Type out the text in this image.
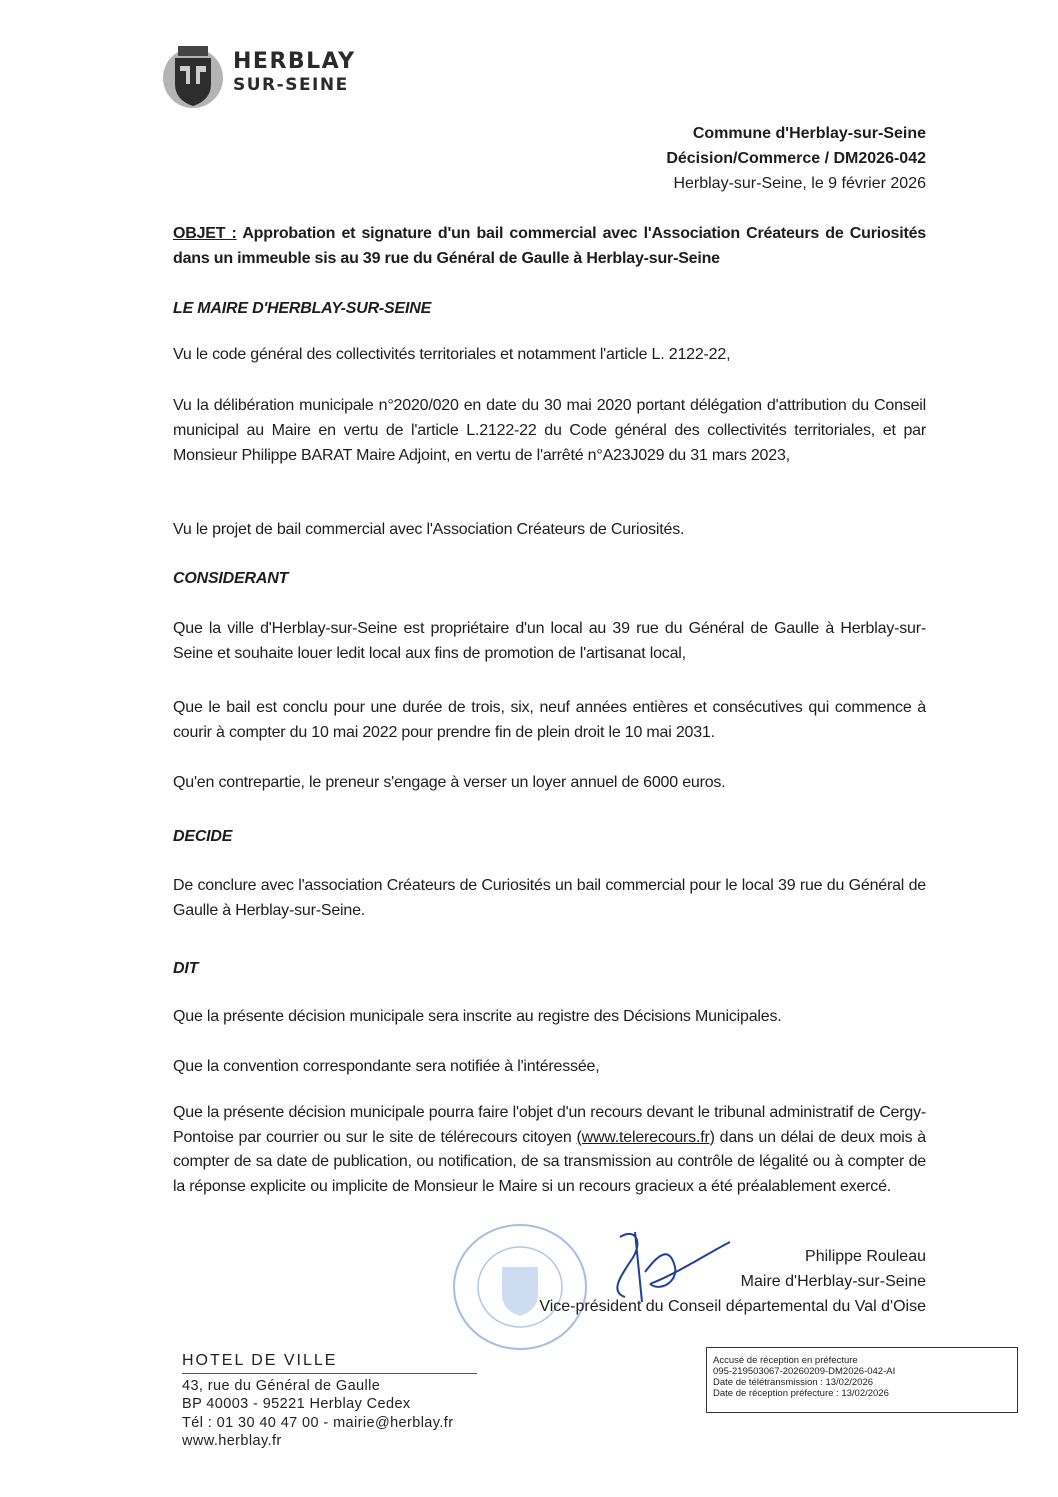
HERBLAY
SUR-SEINE
Commune d'Herblay-sur-Seine
Décision/Commerce / DM2026-042
Herblay-sur-Seine, le 9 février 2026
OBJET : Approbation et signature d'un bail commercial avec l'Association Créateurs de Curiosités dans un immeuble sis au 39 rue du Général de Gaulle à Herblay-sur-Seine
LE MAIRE D'HERBLAY-SUR-SEINE
Vu le code général des collectivités territoriales et notamment l'article L. 2122-22,
Vu la délibération municipale n°2020/020 en date du 30 mai 2020 portant délégation d'attribution du Conseil municipal au Maire en vertu de l'article L.2122-22 du Code général des collectivités territoriales, et par Monsieur Philippe BARAT Maire Adjoint, en vertu de l'arrêté n°A23J029 du 31 mars 2023,
Vu le projet de bail commercial avec l'Association Créateurs de Curiosités.
CONSIDERANT
Que la ville d'Herblay-sur-Seine est propriétaire d'un local au 39 rue du Général de Gaulle à Herblay-sur-Seine et souhaite louer ledit local aux fins de promotion de l'artisanat local,
Que le bail est conclu pour une durée de trois, six, neuf années entières et consécutives qui commence à courir à compter du 10 mai 2022 pour prendre fin de plein droit le 10 mai 2031.
Qu'en contrepartie, le preneur s'engage à verser un loyer annuel de 6000 euros.
DECIDE
De conclure avec l'association Créateurs de Curiosités un bail commercial pour le local 39 rue du Général de Gaulle à Herblay-sur-Seine.
DIT
Que la présente décision municipale sera inscrite au registre des Décisions Municipales.
Que la convention correspondante sera notifiée à l'intéressée,
Que la présente décision municipale pourra faire l'objet d'un recours devant le tribunal administratif de Cergy-Pontoise par courrier ou sur le site de télérecours citoyen (www.telerecours.fr) dans un délai de deux mois à compter de sa date de publication, ou notification, de sa transmission au contrôle de légalité ou à compter de la réponse explicite ou implicite de Monsieur le Maire si un recours gracieux a été préalablement exercé.
Philippe Rouleau
Maire d'Herblay-sur-Seine
Vice-président du Conseil départemental du Val d'Oise
HOTEL DE VILLE
43, rue du Général de Gaulle
BP 40003 - 95221 Herblay Cedex
Tél : 01 30 40 47 00 - mairie@herblay.fr
www.herblay.fr
Accusé de réception en préfecture
095-219503067-20260209-DM2026-042-AI
Date de télétransmission : 13/02/2026
Date de réception préfecture : 13/02/2026
